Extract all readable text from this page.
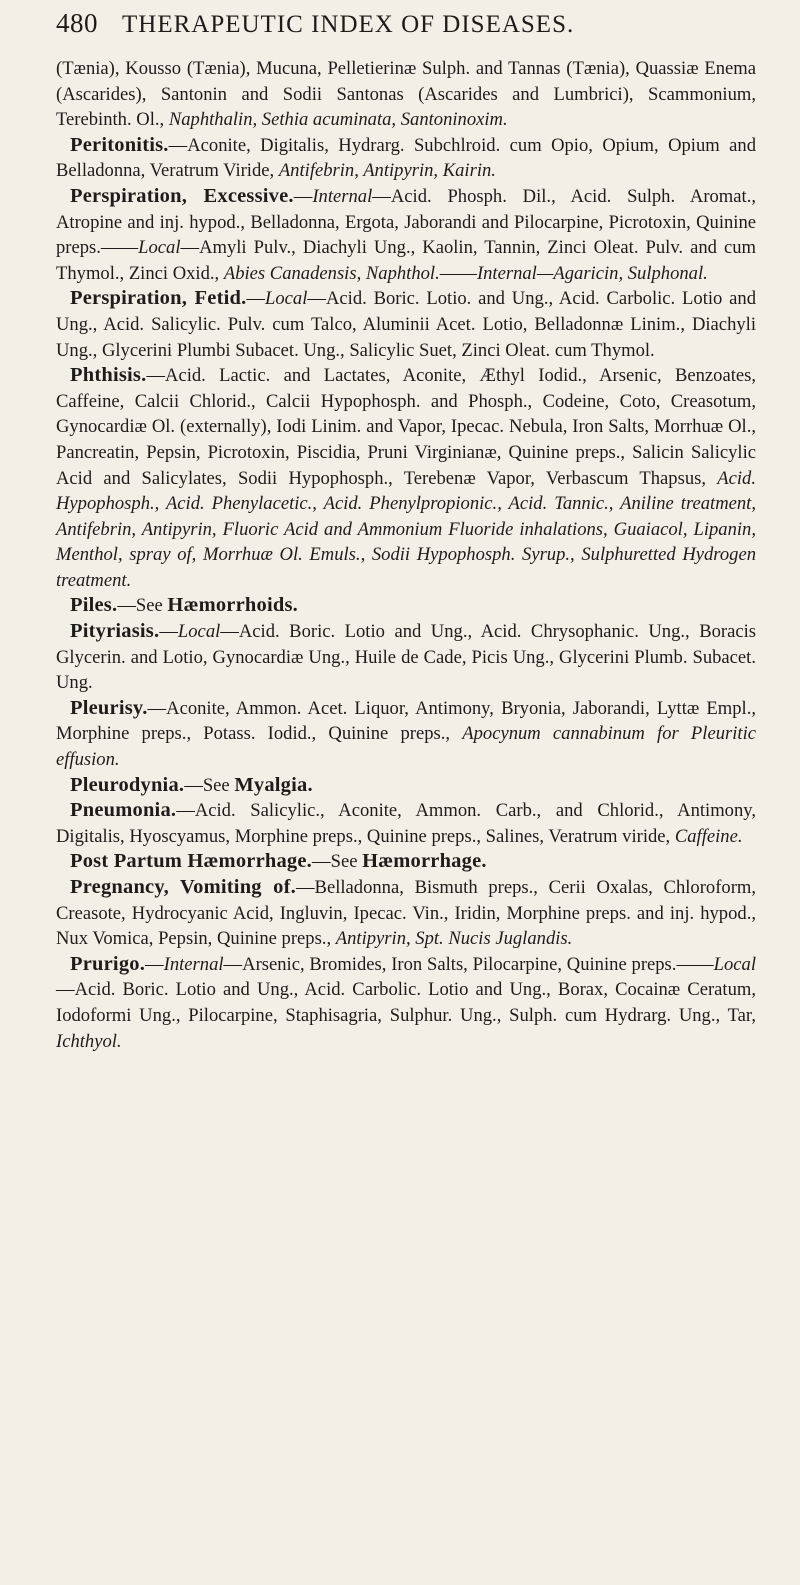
480 THERAPEUTIC INDEX OF DISEASES.

(Tænia), Kousso (Tænia), Mucuna, Pelletierinæ Sulph. and Tannas (Tænia), Quassiæ Enema (Ascarides), Santonin and Sodii Santonas (Ascarides and Lumbrici), Scammonium, Terebinth. Ol., Naphthalin, Sethia acuminata, Santoninoxim.

Peritonitis.—Aconite, Digitalis, Hydrarg. Subchlroid. cum Opio, Opium, Opium and Belladonna, Veratrum Viride, Antifebrin, Antipyrin, Kairin.

Perspiration, Excessive.—Internal—Acid. Phosph. Dil., Acid. Sulph. Aromat., Atropine and inj. hypod., Belladonna, Ergota, Jaborandi and Pilocarpine, Picrotoxin, Quinine preps.——Local—Amyli Pulv., Diachyli Ung., Kaolin, Tannin, Zinci Oleat. Pulv. and cum Thymol., Zinci Oxid., Abies Canadensis, Naphthol.——Internal—Agaricin, Sulphonal.

Perspiration, Fetid.—Local—Acid. Boric. Lotio. and Ung., Acid. Carbolic. Lotio and Ung., Acid. Salicylic. Pulv. cum Talco, Aluminii Acet. Lotio, Belladonnæ Linim., Diachyli Ung., Glycerini Plumbi Subacet. Ung., Salicylic Suet, Zinci Oleat. cum Thymol.

Phthisis.—Acid. Lactic. and Lactates, Aconite, Æthyl Iodid., Arsenic, Benzoates, Caffeine, Calcii Chlorid., Calcii Hypophosph. and Phosph., Codeine, Coto, Creasotum, Gynocardiæ Ol. (externally), Iodi Linim. and Vapor, Ipecac. Nebula, Iron Salts, Morrhuæ Ol., Pancreatin, Pepsin, Picrotoxin, Piscidia, Pruni Virginianæ, Quinine preps., Salicin Salicylic Acid and Salicylates, Sodii Hypophosph., Terebenæ Vapor, Verbascum Thapsus, Acid. Hypophosph., Acid. Phenylacetic., Acid. Phenylpropionic., Acid. Tannic., Aniline treatment, Antifebrin, Antipyrin, Fluoric Acid and Ammonium Fluoride inhalations, Guaiacol, Lipanin, Menthol, spray of, Morrhuæ Ol. Emuls., Sodii Hypophosph. Syrup., Sulphuretted Hydrogen treatment.

Piles.—See Hæmorrhoids.

Pityriasis.—Local—Acid. Boric. Lotio and Ung., Acid. Chrysophanic. Ung., Boracis Glycerin. and Lotio, Gynocardiæ Ung., Huile de Cade, Picis Ung., Glycerini Plumb. Subacet. Ung.

Pleurisy.—Aconite, Ammon. Acet. Liquor, Antimony, Bryonia, Jaborandi, Lyttæ Empl., Morphine preps., Potass. Iodid., Quinine preps., Apocynum cannabinum for Pleuritic effusion.

Pleurodynia.—See Myalgia.

Pneumonia.—Acid. Salicylic., Aconite, Ammon. Carb., and Chlorid., Antimony, Digitalis, Hyoscyamus, Morphine preps., Quinine preps., Salines, Veratrum viride, Caffeine.

Post Partum Hæmorrhage.—See Hæmorrhage.

Pregnancy, Vomiting of.—Belladonna, Bismuth preps., Cerii Oxalas, Chloroform, Creasote, Hydrocyanic Acid, Ingluvin, Ipecac. Vin., Iridin, Morphine preps. and inj. hypod., Nux Vomica, Pepsin, Quinine preps., Antipyrin, Spt. Nucis Juglandis.

Prurigo.—Internal—Arsenic, Bromides, Iron Salts, Pilocarpine, Quinine preps.——Local—Acid. Boric. Lotio and Ung., Acid. Carbolic. Lotio and Ung., Borax, Cocainæ Ceratum, Iodoformi Ung., Pilocarpine, Staphisagria, Sulphur. Ung., Sulph. cum Hydrarg. Ung., Tar, Ichthyol.
